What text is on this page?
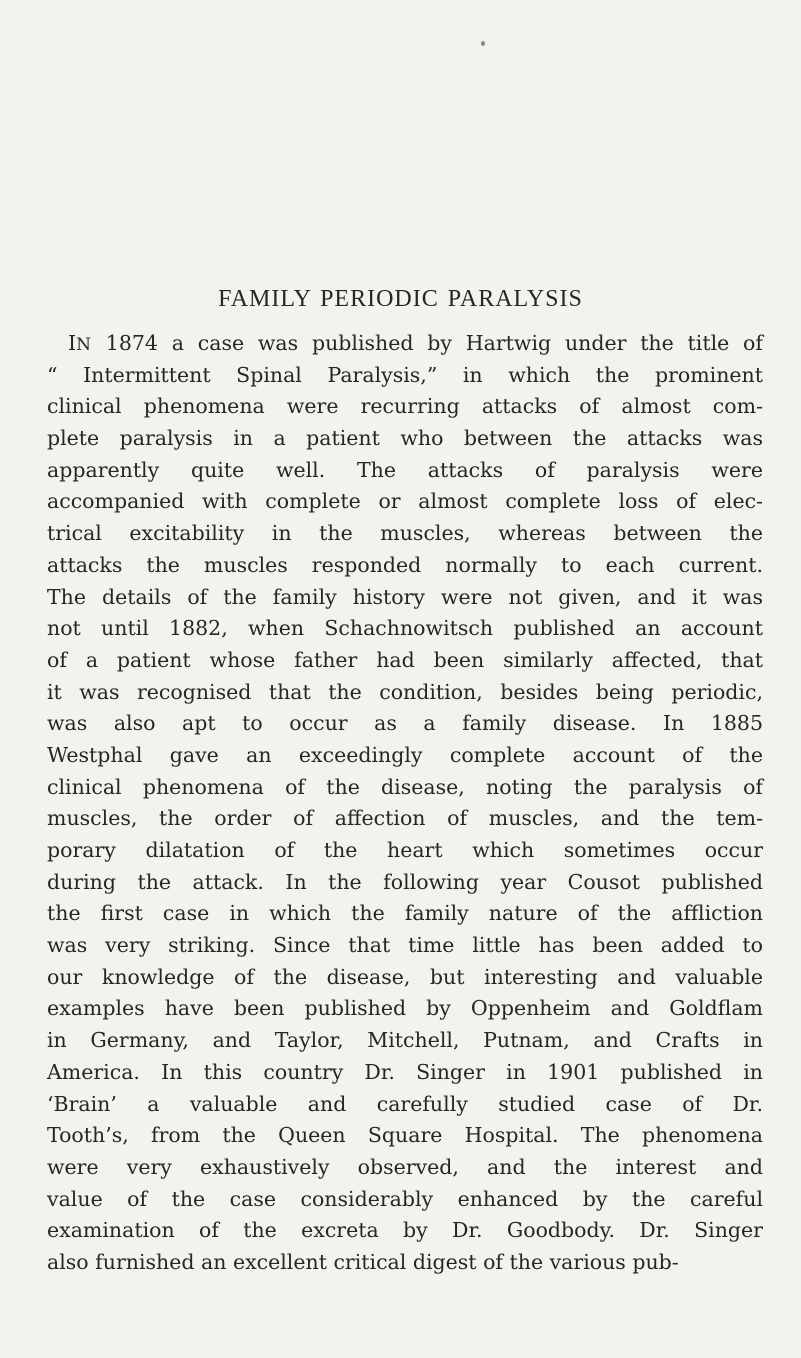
FAMILY PERIODIC PARALYSIS
IN 1874 a case was published by Hartwig under the title of
“ Intermittent Spinal Paralysis,” in which the prominent
clinical phenomena were recurring attacks of almost com-
plete paralysis in a patient who between the attacks was
apparently quite well. The attacks of paralysis were
accompanied with complete or almost complete loss of elec-
trical excitability in the muscles, whereas between the
attacks the muscles responded normally to each current.
The details of the family history were not given, and it was
not until 1882, when Schachnowitsch published an account
of a patient whose father had been similarly affected, that
it was recognised that the condition, besides being periodic,
was also apt to occur as a family disease. In 1885
Westphal gave an exceedingly complete account of the
clinical phenomena of the disease, noting the paralysis of
muscles, the order of affection of muscles, and the tem-
porary dilatation of the heart which sometimes occur
during the attack. In the following year Cousot published
the first case in which the family nature of the affliction
was very striking. Since that time little has been added to
our knowledge of the disease, but interesting and valuable
examples have been published by Oppenheim and Goldflam
in Germany, and Taylor, Mitchell, Putnam, and Crafts in
America. In this country Dr. Singer in 1901 published in
‘Brain’ a valuable and carefully studied case of Dr.
Tooth’s, from the Queen Square Hospital. The phenomena
were very exhaustively observed, and the interest and
value of the case considerably enhanced by the careful
examination of the excreta by Dr. Goodbody. Dr. Singer
also furnished an excellent critical digest of the various pub-
